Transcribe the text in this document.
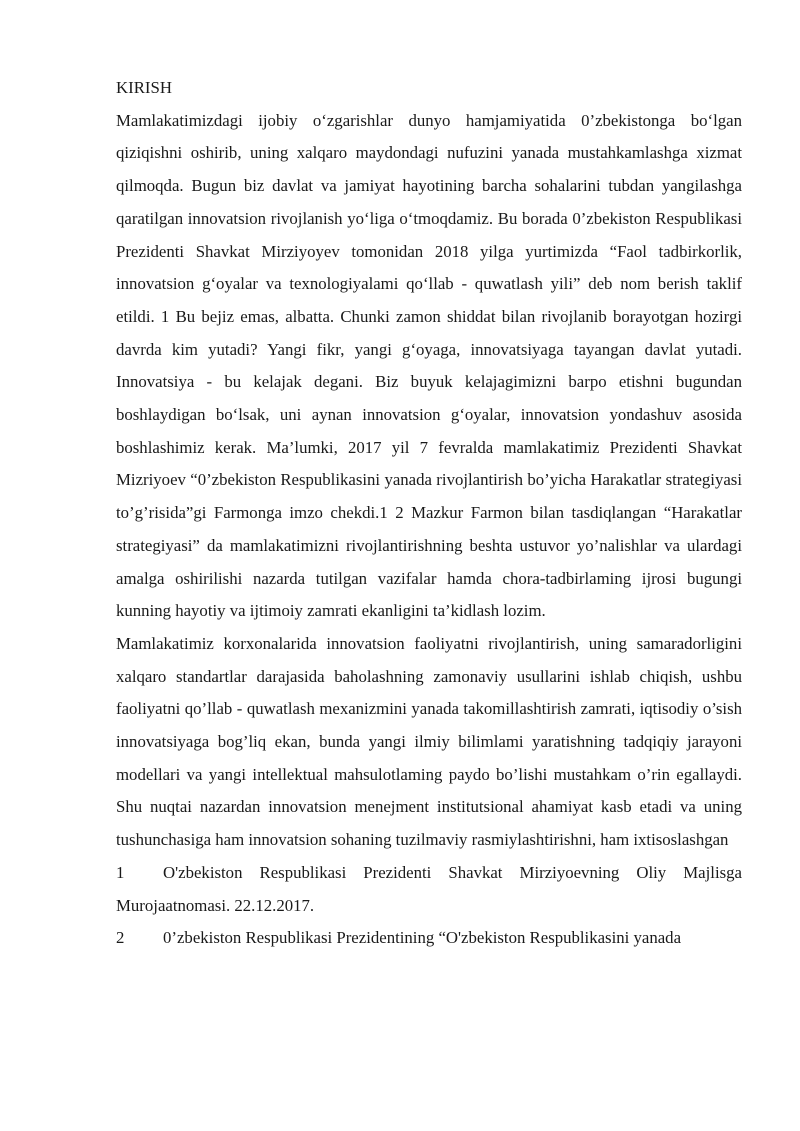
KIRISH

Mamlakatimizdagi ijobiy o‘zgarishlar dunyo hamjamiyatida 0’zbekistonga bo‘lgan qiziqishni oshirib, uning xalqaro maydondagi nufuzini yanada mustahkamlashga xizmat qilmoqda. Bugun biz davlat va jamiyat hayotining barcha sohalarini tubdan yangilashga qaratilgan innovatsion rivojlanish yo‘liga o‘tmoqdamiz. Bu borada 0’zbekiston Respublikasi Prezidenti Shavkat Mirziyoyev tomonidan 2018 yilga yurtimizda “Faol tadbirkorlik, innovatsion g‘oyalar va texnologiyalami qo‘llab - quwatlash yili” deb nom berish taklif etildi. 1 Bu bejiz emas, albatta. Chunki zamon shiddat bilan rivojlanib borayotgan hozirgi davrda kim yutadi? Yangi fikr, yangi g‘oyaga, innovatsiyaga tayangan davlat yutadi. Innovatsiya - bu kelajak degani. Biz buyuk kelajagimizni barpo etishni bugundan boshlaydigan bo‘lsak, uni aynan innovatsion g‘oyalar, innovatsion yondashuv asosida boshlashimiz kerak. Ma’lumki, 2017 yil 7 fevralda mamlakatimiz Prezidenti Shavkat Mizriyoev “0’zbekiston Respublikasini yanada rivojlantirish bo’yicha Harakatlar strategiyasi to’g’risida”gi Farmonga imzo chekdi.1 2 Mazkur Farmon bilan tasdiqlangan “Harakatlar strategiyasi” da mamlakatimizni rivojlantirishning beshta ustuvor yo’nalishlar va ulardagi amalga oshirilishi nazarda tutilgan vazifalar hamda chora-tadbirlaming ijrosi bugungi kunning hayotiy va ijtimoiy zamrati ekanligini ta’kidlash lozim.

Mamlakatimiz korxonalarida innovatsion faoliyatni rivojlantirish, uning samaradorligini xalqaro standartlar darajasida baholashning zamonaviy usullarini ishlab chiqish, ushbu faoliyatni qo’llab - quwatlash mexanizmini yanada takomillashtirish zamrati, iqtisodiy o’sish innovatsiyaga bog’liq ekan, bunda yangi ilmiy bilimlami yaratishning tadqiqiy jarayoni modellari va yangi intellektual mahsulotlaming paydo bo’lishi mustahkam o’rin egallaydi. Shu nuqtai nazardan innovatsion menejment institutsional ahamiyat kasb etadi va uning tushunchasiga ham innovatsion sohaning tuzilmaviy rasmiylashtirishni, ham ixtisoslashgan

1 O'zbekiston Respublikasi Prezidenti Shavkat Mirziyoevning Oliy Majlisga Murojaatnomasi. 22.12.2017.

2 0’zbekiston Respublikasi Prezidentining “O'zbekiston Respublikasini yanada
